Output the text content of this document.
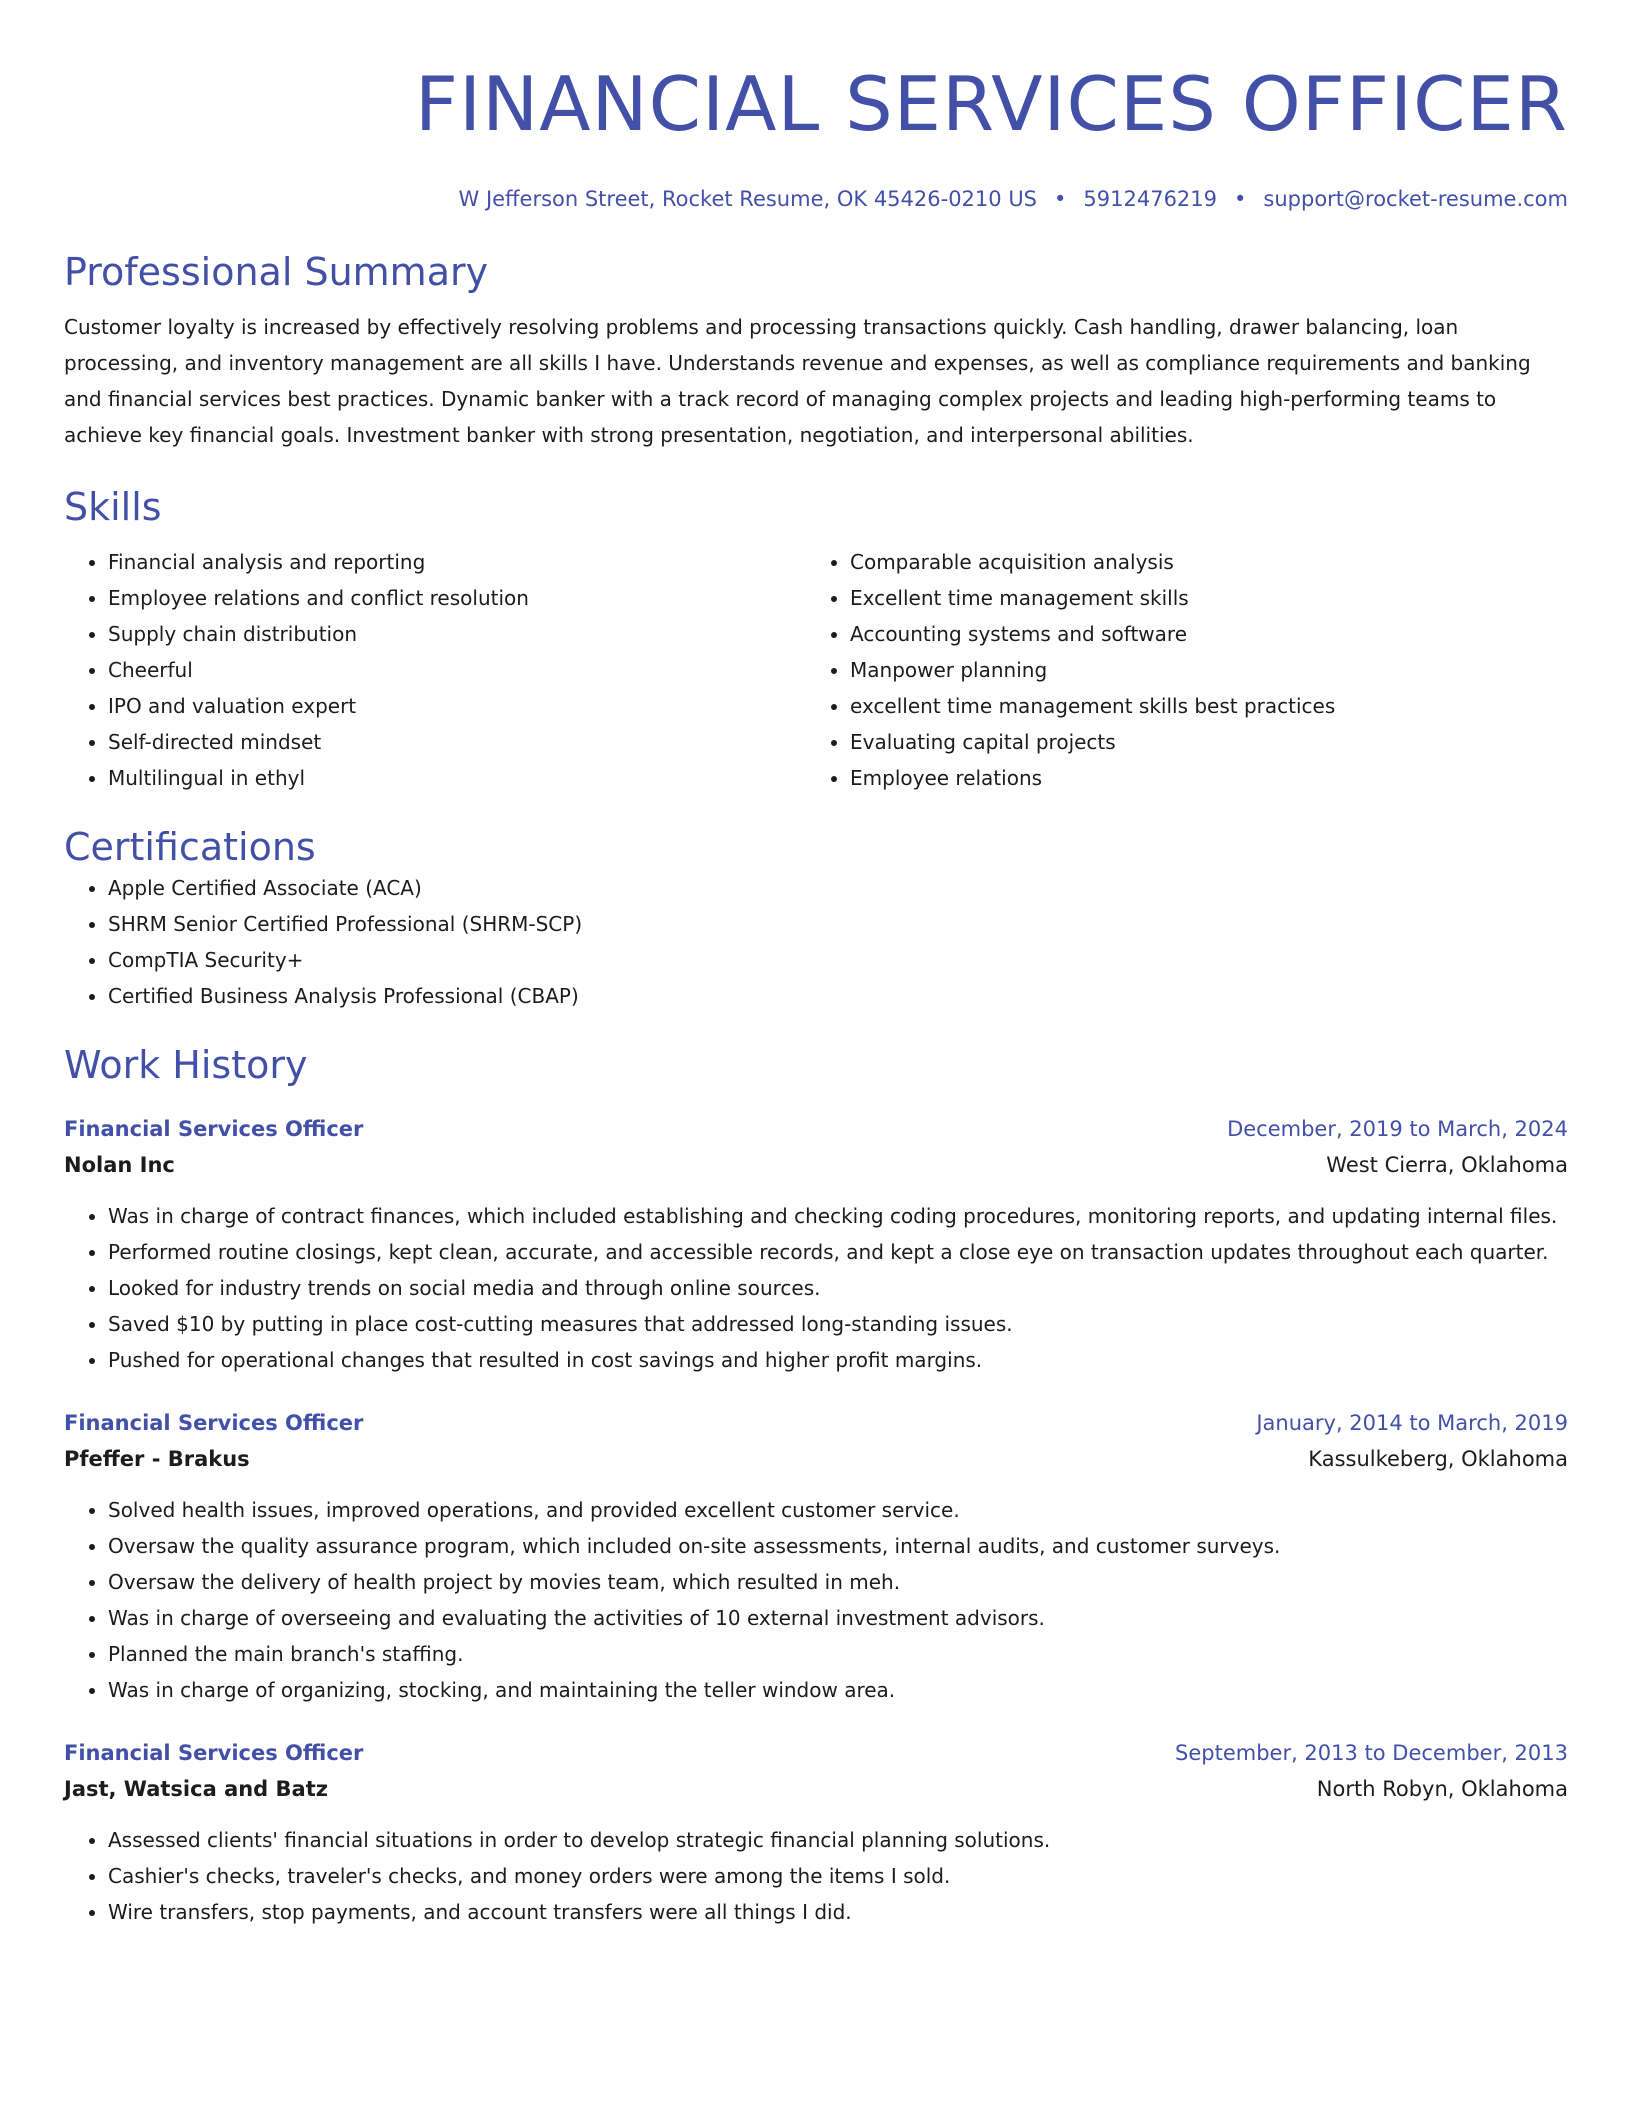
FINANCIAL SERVICES OFFICER
W Jefferson Street, Rocket Resume, OK 45426-0210 US • 5912476219 • support@rocket-resume.com
Professional Summary
Customer loyalty is increased by effectively resolving problems and processing transactions quickly. Cash handling, drawer balancing, loan processing, and inventory management are all skills I have. Understands revenue and expenses, as well as compliance requirements and banking and financial services best practices. Dynamic banker with a track record of managing complex projects and leading high-performing teams to achieve key financial goals. Investment banker with strong presentation, negotiation, and interpersonal abilities.
Skills
• Financial analysis and reporting
• Employee relations and conflict resolution
• Supply chain distribution
• Cheerful
• IPO and valuation expert
• Self-directed mindset
• Multilingual in ethyl
• Comparable acquisition analysis
• Excellent time management skills
• Accounting systems and software
• Manpower planning
• excellent time management skills best practices
• Evaluating capital projects
• Employee relations
Certifications
• Apple Certified Associate (ACA)
• SHRM Senior Certified Professional (SHRM-SCP)
• CompTIA Security+
• Certified Business Analysis Professional (CBAP)
Work History
Financial Services Officer	December, 2019 to March, 2024
Nolan Inc	West Cierra, Oklahoma
• Was in charge of contract finances, which included establishing and checking coding procedures, monitoring reports, and updating internal files.
• Performed routine closings, kept clean, accurate, and accessible records, and kept a close eye on transaction updates throughout each quarter.
• Looked for industry trends on social media and through online sources.
• Saved $10 by putting in place cost-cutting measures that addressed long-standing issues.
• Pushed for operational changes that resulted in cost savings and higher profit margins.
Financial Services Officer	January, 2014 to March, 2019
Pfeffer - Brakus	Kassulkeberg, Oklahoma
• Solved health issues, improved operations, and provided excellent customer service.
• Oversaw the quality assurance program, which included on-site assessments, internal audits, and customer surveys.
• Oversaw the delivery of health project by movies team, which resulted in meh.
• Was in charge of overseeing and evaluating the activities of 10 external investment advisors.
• Planned the main branch's staffing.
• Was in charge of organizing, stocking, and maintaining the teller window area.
Financial Services Officer	September, 2013 to December, 2013
Jast, Watsica and Batz	North Robyn, Oklahoma
• Assessed clients' financial situations in order to develop strategic financial planning solutions.
• Cashier's checks, traveler's checks, and money orders were among the items I sold.
• Wire transfers, stop payments, and account transfers were all things I did.
